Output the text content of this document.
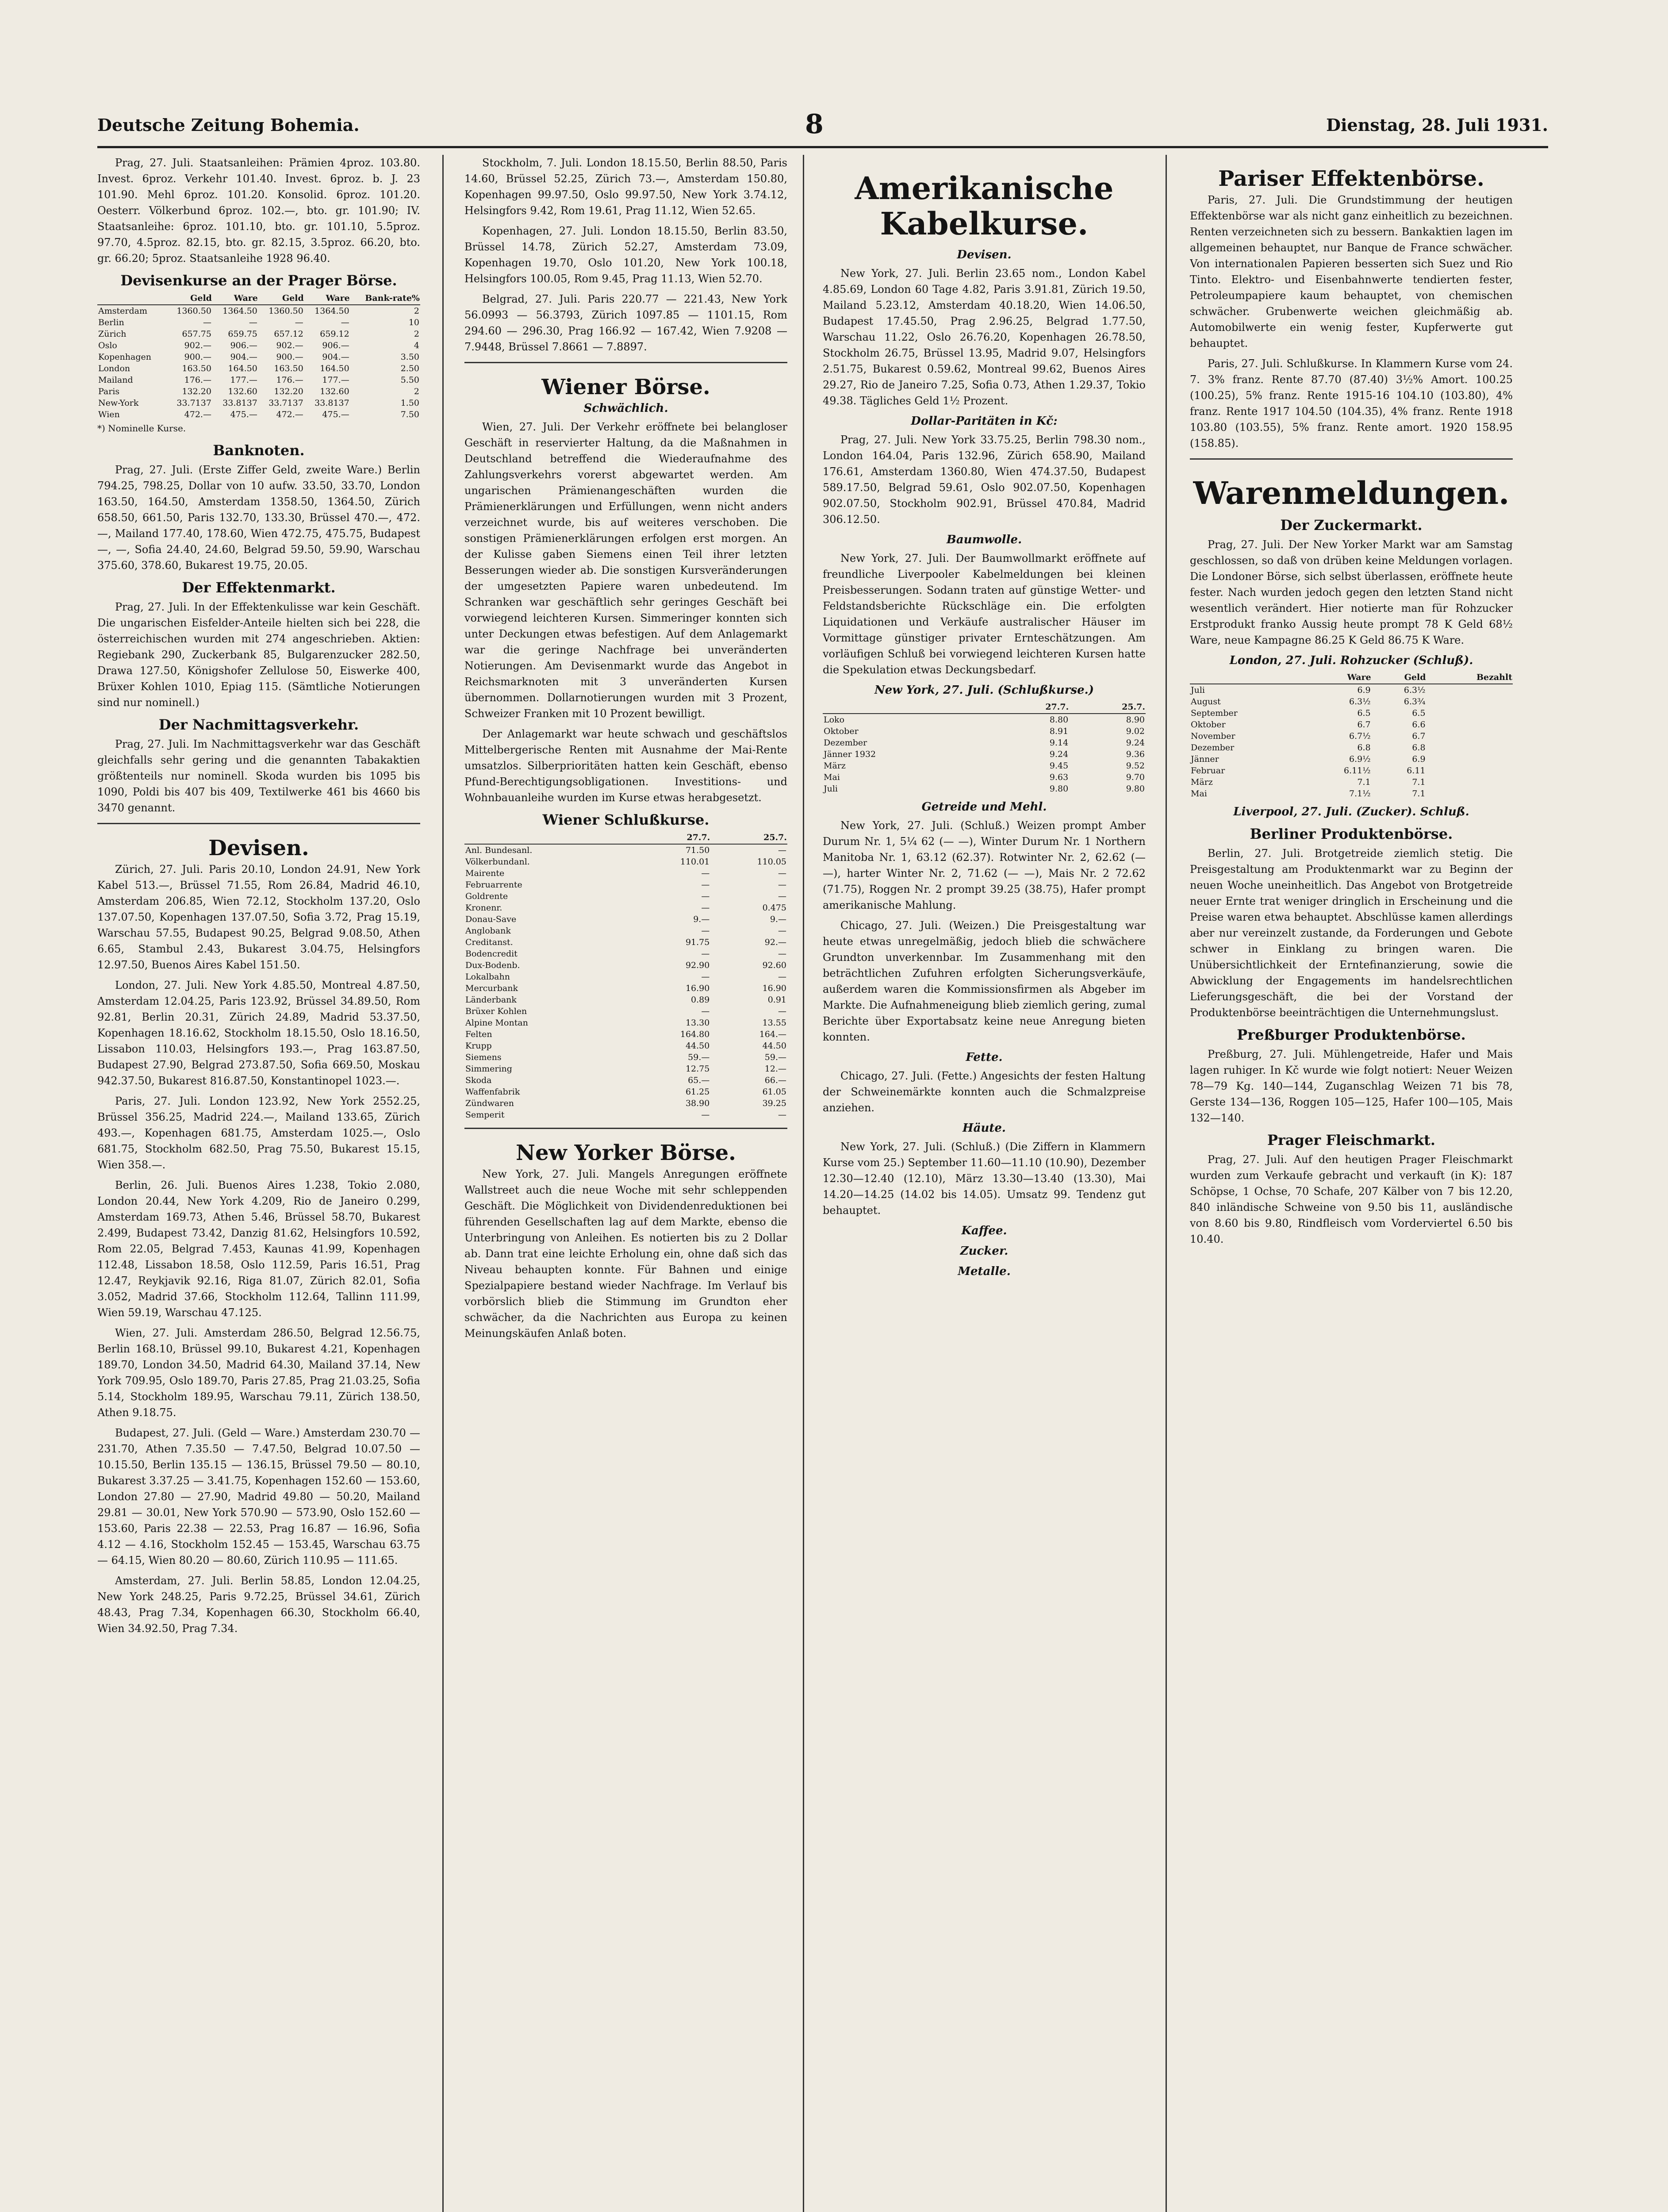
Deutsche Zeitung Bohemia.	8	Dienstag, 28. Juli 1931.

Prag, 27. Juli. Staatsanleihen: Prämien 4proz. 103.80. Invest. 6proz. Verkehr 101.40. Invest. 6proz. b. J. 23 101.90. Mehl 6proz. 101.20. Konsolid. 6proz. 101.20. Oesterr. Völkerbund 6proz. 102.—, bto. gr. 101.90; IV. Staatsanleihe: 6proz. 101.10, bto. gr. 101.10, 5.5proz. 97.70, 4.5proz. 82.15, bto. gr. 82.15, 3.5proz. 66.20, bto. gr. 66.20; 5proz. Staatsanleihe 1928 96.40.

Devisenkurse an der Prager Börse.
	Geld	Ware	Geld	Ware	Bank-rate%
Amsterdam	1360.50	1364.50	1360.50	1364.50	2
Berlin	—	—	—	—	10
Zürich	657.75	659.75	657.12	659.12	2
Oslo	902.—	906.—	902.—	906.—	4
Kopenhagen	900.—	904.—	900.—	904.—	3.50
London	163.50	164.50	163.50	164.50	2.50
Mailand	176.—	177.—	176.—	177.—	5.50
Paris	132.20	132.60	132.20	132.60	2
New-York	33.7137	33.8137	33.7137	33.8137	1.50
Wien	472.—	475.—	472.—	475.—	7.50
*) Nominelle Kurse.
Banknoten.

Prag, 27. Juli. (Erste Ziffer Geld, zweite Ware.) Berlin 794.25, 798.25, Dollar von 10 aufw. 33.50, 33.70, London 163.50, 164.50, Amsterdam 1358.50, 1364.50, Zürich 658.50, 661.50, Paris 132.70, 133.30, Brüssel 470.—, 472.—, Mailand 177.40, 178.60, Wien 472.75, 475.75, Budapest —, —, Sofia 24.40, 24.60, Belgrad 59.50, 59.90, Warschau 375.60, 378.60, Bukarest 19.75, 20.05.

Der Effektenmarkt.

Prag, 27. Juli. In der Effektenkulisse war kein Geschäft. Die ungarischen Eisfelder-Anteile hielten sich bei 228, die österreichischen wurden mit 274 angeschrieben. Aktien: Regiebank 290, Zuckerbank 85, Bulgarenzucker 282.50, Drawa 127.50, Königshofer Zellulose 50, Eiswerke 400, Brüxer Kohlen 1010, Epiag 115. (Sämtliche Notierungen sind nur nominell.)

Der Nachmittagsverkehr.

Prag, 27. Juli. Im Nachmittagsverkehr war das Geschäft gleichfalls sehr gering und die genannten Tabakaktien größtenteils nur nominell. Skoda wurden bis 1095 bis 1090, Poldi bis 407 bis 409, Textilwerke 461 bis 4660 bis 3470 genannt.

Devisen.

Zürich, 27. Juli. Paris 20.10, London 24.91, New York Kabel 513.—, Brüssel 71.55, Rom 26.84, Madrid 46.10, Amsterdam 206.85, Wien 72.12, Stockholm 137.20, Oslo 137.07.50, Kopenhagen 137.07.50, Sofia 3.72, Prag 15.19, Warschau 57.55, Budapest 90.25, Belgrad 9.08.50, Athen 6.65, Stambul 2.43, Bukarest 3.04.75, Helsingfors 12.97.50, Buenos Aires Kabel 151.50.

London, 27. Juli. New York 4.85.50, Montreal 4.87.50, Amsterdam 12.04.25, Paris 123.92, Brüssel 34.89.50, Rom 92.81, Berlin 20.31, Zürich 24.89, Madrid 53.37.50, Kopenhagen 18.16.62, Stockholm 18.15.50, Oslo 18.16.50, Lissabon 110.03, Helsingfors 193.—, Prag 163.87.50, Budapest 27.90, Belgrad 273.87.50, Sofia 669.50, Moskau 942.37.50, Bukarest 816.87.50, Konstantinopel 1023.—.

Paris, 27. Juli. London 123.92, New York 2552.25, Brüssel 356.25, Madrid 224.—, Mailand 133.65, Zürich 493.—, Kopenhagen 681.75, Amsterdam 1025.—, Oslo 681.75, Stockholm 682.50, Prag 75.50, Bukarest 15.15, Wien 358.—.

Berlin, 26. Juli. Buenos Aires 1.238, Tokio 2.080, London 20.44, New York 4.209, Rio de Janeiro 0.299, Amsterdam 169.73, Athen 5.46, Brüssel 58.70, Bukarest 2.499, Budapest 73.42, Danzig 81.62, Helsingfors 10.592, Rom 22.05, Belgrad 7.453, Kaunas 41.99, Kopenhagen 112.48, Lissabon 18.58, Oslo 112.59, Paris 16.51, Prag 12.47, Reykjavik 92.16, Riga 81.07, Zürich 82.01, Sofia 3.052, Madrid 37.66, Stockholm 112.64, Tallinn 111.99, Wien 59.19, Warschau 47.125.

Wien, 27. Juli. Amsterdam 286.50, Belgrad 12.56.75, Berlin 168.10, Brüssel 99.10, Bukarest 4.21, Kopenhagen 189.70, London 34.50, Madrid 64.30, Mailand 37.14, New York 709.95, Oslo 189.70, Paris 27.85, Prag 21.03.25, Sofia 5.14, Stockholm 189.95, Warschau 79.11, Zürich 138.50, Athen 9.18.75.

Budapest, 27. Juli. (Geld — Ware.) Amsterdam 230.70 — 231.70, Athen 7.35.50 — 7.47.50, Belgrad 10.07.50 — 10.15.50, Berlin 135.15 — 136.15, Brüssel 79.50 — 80.10, Bukarest 3.37.25 — 3.41.75, Kopenhagen 152.60 — 153.60, London 27.80 — 27.90, Madrid 49.80 — 50.20, Mailand 29.81 — 30.01, New York 570.90 — 573.90, Oslo 152.60 — 153.60, Paris 22.38 — 22.53, Prag 16.87 — 16.96, Sofia 4.12 — 4.16, Stockholm 152.45 — 153.45, Warschau 63.75 — 64.15, Wien 80.20 — 80.60, Zürich 110.95 — 111.65.

Amsterdam, 27. Juli. Berlin 58.85, London 12.04.25, New York 248.25, Paris 9.72.25, Brüssel 34.61, Zürich 48.43, Prag 7.34, Kopenhagen 66.30, Stockholm 66.40, Wien 34.92.50, Prag 7.34.

Stockholm, 7. Juli. London 18.15.50, Berlin 88.50, Paris 14.60, Brüssel 52.25, Zürich 73.—, Amsterdam 150.80, Kopenhagen 99.97.50, Oslo 99.97.50, New York 3.74.12, Helsingfors 9.42, Rom 19.61, Prag 11.12, Wien 52.65.

Kopenhagen, 27. Juli. London 18.15.50, Berlin 83.50, Brüssel 14.78, Zürich 52.27, Amsterdam 73.09, Kopenhagen 19.70, Oslo 101.20, New York 100.18, Helsingfors 100.05, Rom 9.45, Prag 11.13, Wien 52.70.

Belgrad, 27. Juli. Paris 220.77 — 221.43, New York 56.0993 — 56.3793, Zürich 1097.85 — 1101.15, Rom 294.60 — 296.30, Prag 166.92 — 167.42, Wien 7.9208 — 7.9448, Brüssel 7.8661 — 7.8897.

Wiener Börse.
Schwächlich.

Wien, 27. Juli. Der Verkehr eröffnete bei belangloser Geschäft in reservierter Haltung, da die Maßnahmen in Deutschland betreffend die Wiederaufnahme des Zahlungsverkehrs vorerst abgewartet werden. Am ungarischen Prämienangeschäften wurden die Prämienerklärungen und Erfüllungen, wenn nicht anders verzeichnet wurde, bis auf weiteres verschoben. Die sonstigen Prämienerklärungen erfolgen erst morgen. An der Kulisse gaben Siemens einen Teil ihrer letzten Besserungen wieder ab. Die sonstigen Kursveränderungen der umgesetzten Papiere waren unbedeutend. Im Schranken war geschäftlich sehr geringes Geschäft bei vorwiegend leichteren Kursen. Simmeringer konnten sich unter Deckungen etwas befestigen. Auf dem Anlagemarkt war die geringe Nachfrage bei unveränderten Notierungen. Am Devisenmarkt wurde das Angebot in Reichsmarknoten mit 3 unveränderten Kursen übernommen. Dollarnotierungen wurden mit 3 Prozent, Schweizer Franken mit 10 Prozent bewilligt.

Der Anlagemarkt war heute schwach und geschäftslos Mittelbergerische Renten mit Ausnahme der Mai-Rente umsatzlos. Silberprioritäten hatten kein Geschäft, ebenso Pfund-Berechtigungsobligationen. Investitions- und Wohnbauanleihe wurden im Kurse etwas herabgesetzt.

Wiener Schlußkurse.
	27.7.	25.7.
Anl. Bundesanl.	71.50	—
Völkerbundanl.	110.01	110.05
Mairente	—	—
Februarrente	—	—
Goldrente	—	—
Kronenr.	—	0.475
Donau-Save	9.—	9.—
Anglobank	—	—
Creditanst.	91.75	92.—
Bodencredit	—	—
Dux-Bodenb.	92.90	92.60
Lokalbahn	—	—
Mercurbank	16.90	16.90
Länderbank	0.89	0.91
Brüxer Kohlen	—	—
Alpine Montan	13.30	13.55
Felten	164.80	164.—
Krupp	44.50	44.50
Siemens	59.—	59.—
Simmering	12.75	12.—
Skoda	65.—	66.—
Waffenfabrik	61.25	61.05
Zündwaren	38.90	39.25
Semperit	—	—
New Yorker Börse.

New York, 27. Juli. Mangels Anregungen eröffnete Wallstreet auch die neue Woche mit sehr schleppenden Geschäft. Die Möglichkeit von Dividendenreduktionen bei führenden Gesellschaften lag auf dem Markte, ebenso die Unterbringung von Anleihen. Es notierten bis zu 2 Dollar ab. Dann trat eine leichte Erholung ein, ohne daß sich das Niveau behaupten konnte. Für Bahnen und einige Spezialpapiere bestand wieder Nachfrage. Im Verlauf bis vorbörslich blieb die Stimmung im Grundton eher schwächer, da die Nachrichten aus Europa zu keinen Meinungskäufen Anlaß boten.

Amerikanische Kabelkurse.
Devisen.

New York, 27. Juli. Berlin 23.65 nom., London Kabel 4.85.69, London 60 Tage 4.82, Paris 3.91.81, Zürich 19.50, Mailand 5.23.12, Amsterdam 40.18.20, Wien 14.06.50, Budapest 17.45.50, Prag 2.96.25, Belgrad 1.77.50, Warschau 11.22, Oslo 26.76.20, Kopenhagen 26.78.50, Stockholm 26.75, Brüssel 13.95, Madrid 9.07, Helsingfors 2.51.75, Bukarest 0.59.62, Montreal 99.62, Buenos Aires 29.27, Rio de Janeiro 7.25, Sofia 0.73, Athen 1.29.37, Tokio 49.38. Tägliches Geld 1½ Prozent.

Dollar-Paritäten in Kč:

Prag, 27. Juli. New York 33.75.25, Berlin 798.30 nom., London 164.04, Paris 132.96, Zürich 658.90, Mailand 176.61, Amsterdam 1360.80, Wien 474.37.50, Budapest 589.17.50, Belgrad 59.61, Oslo 902.07.50, Kopenhagen 902.07.50, Stockholm 902.91, Brüssel 470.84, Madrid 306.12.50.

Baumwolle.

New York, 27. Juli. Der Baumwollmarkt eröffnete auf freundliche Liverpooler Kabelmeldungen bei kleinen Preisbesserungen. Sodann traten auf günstige Wetter- und Feldstandsberichte Rückschläge ein. Die erfolgten Liquidationen und Verkäufe australischer Häuser im Vormittage günstiger privater Ernteschätzungen. Am vorläufigen Schluß bei vorwiegend leichteren Kursen hatte die Spekulation etwas Deckungsbedarf.

New York, 27. Juli. (Schlußkurse.)
	27.7.	25.7.
Loko	8.80	8.90
Oktober	8.91	9.02
Dezember	9.14	9.24
Jänner 1932	9.24	9.36
März	9.45	9.52
Mai	9.63	9.70
Juli	9.80	9.80
Getreide und Mehl.

New York, 27. Juli. (Schluß.) Weizen prompt Amber Durum Nr. 1, 5¼ 62 (— —), Winter Durum Nr. 1 Northern Manitoba Nr. 1, 63.12 (62.37). Rotwinter Nr. 2, 62.62 (— —), harter Winter Nr. 2, 71.62 (— —), Mais Nr. 2 72.62 (71.75), Roggen Nr. 2 prompt 39.25 (38.75), Hafer prompt amerikanische Mahlung.

Chicago, 27. Juli. (Weizen.) Die Preisgestaltung war heute etwas unregelmäßig, jedoch blieb die schwächere Grundton unverkennbar. Im Zusammenhang mit den beträchtlichen Zufuhren erfolgten Sicherungsverkäufe, außerdem waren die Kommissionsfirmen als Abgeber im Markte. Die Aufnahmeneigung blieb ziemlich gering, zumal Berichte über Exportabsatz keine neue Anregung bieten konnten.

Fette.

Chicago, 27. Juli. (Fette.) Angesichts der festen Haltung der Schweinemärkte konnten auch die Schmalzpreise anziehen.

Häute.

New York, 27. Juli. (Schluß.) (Die Ziffern in Klammern Kurse vom 25.) September 11.60—11.10 (10.90), Dezember 12.30—12.40 (12.10), März 13.30—13.40 (13.30), Mai 14.20—14.25 (14.02 bis 14.05). Umsatz 99. Tendenz gut behauptet.

Kaffee.
Zucker.
Metalle.
Pariser Effektenbörse.

Paris, 27. Juli. Die Grundstimmung der heutigen Effektenbörse war als nicht ganz einheitlich zu bezeichnen. Renten verzeichneten sich zu bessern. Bankaktien lagen im allgemeinen behauptet, nur Banque de France schwächer. Von internationalen Papieren besserten sich Suez und Rio Tinto. Elektro- und Eisenbahnwerte tendierten fester, Petroleumpapiere kaum behauptet, von chemischen schwächer. Grubenwerte weichen gleichmäßig ab. Automobilwerte ein wenig fester, Kupferwerte gut behauptet.

Paris, 27. Juli. Schlußkurse. In Klammern Kurse vom 24. 7. 3% franz. Rente 87.70 (87.40) 3½% Amort. 100.25 (100.25), 5% franz. Rente 1915-16 104.10 (103.80), 4% franz. Rente 1917 104.50 (104.35), 4% franz. Rente 1918 103.80 (103.55), 5% franz. Rente amort. 1920 158.95 (158.85).

Warenmeldungen.
Der Zuckermarkt.

Prag, 27. Juli. Der New Yorker Markt war am Samstag geschlossen, so daß von drüben keine Meldungen vorlagen. Die Londoner Börse, sich selbst überlassen, eröffnete heute fester. Nach wurden jedoch gegen den letzten Stand nicht wesentlich verändert. Hier notierte man für Rohzucker Erstprodukt franko Aussig heute prompt 78 K Geld 68½ Ware, neue Kampagne 86.25 K Geld 86.75 K Ware.

London, 27. Juli. Rohzucker (Schluß).
	Ware	Geld	Bezahlt
Juli	6.9	6.3½	
August	6.3½	6.3¾	
September	6.5	6.5	
Oktober	6.7	6.6	
November	6.7½	6.7	
Dezember	6.8	6.8	
Jänner	6.9½	6.9	
Februar	6.11½	6.11	
März	7.1	7.1	
Mai	7.1½	7.1	
Liverpool, 27. Juli. (Zucker). Schluß.
Berliner Produktenbörse.

Berlin, 27. Juli. Brotgetreide ziemlich stetig. Die Preisgestaltung am Produktenmarkt war zu Beginn der neuen Woche uneinheitlich. Das Angebot von Brotgetreide neuer Ernte trat weniger dringlich in Erscheinung und die Preise waren etwa behauptet. Abschlüsse kamen allerdings aber nur vereinzelt zustande, da Forderungen und Gebote schwer in Einklang zu bringen waren. Die Unübersichtlichkeit der Erntefinanzierung, sowie die Abwicklung der Engagements im handelsrechtlichen Lieferungsgeschäft, die bei der Vorstand der Produktenbörse beeinträchtigen die Unternehmungslust.

Preßburger Produktenbörse.

Preßburg, 27. Juli. Mühlengetreide, Hafer und Mais lagen ruhiger. In Kč wurde wie folgt notiert: Neuer Weizen 78—79 Kg. 140—144, Zuganschlag Weizen 71 bis 78, Gerste 134—136, Roggen 105—125, Hafer 100—105, Mais 132—140.

Prager Fleischmarkt.

Prag, 27. Juli. Auf den heutigen Prager Fleischmarkt wurden zum Verkaufe gebracht und verkauft (in K): 187 Schöpse, 1 Ochse, 70 Schafe, 207 Kälber von 7 bis 12.20, 840 inländische Schweine von 9.50 bis 11, ausländische von 8.60 bis 9.80, Rindfleisch vom Vorderviertel 6.50 bis 10.40.
